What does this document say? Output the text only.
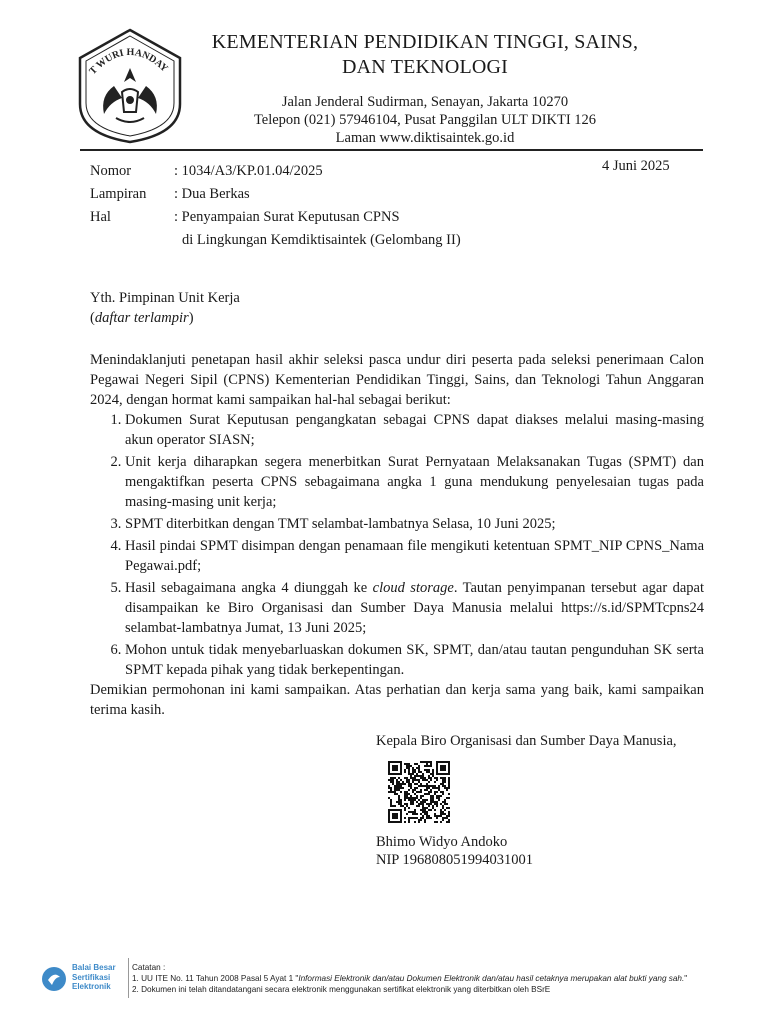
T WURI HANDAY
KEMENTERIAN PENDIDIKAN TINGGI, SAINS,
DAN TEKNOLOGI
Jalan Jenderal Sudirman, Senayan, Jakarta 10270
Telepon (021) 57946104, Pusat Panggilan ULT DIKTI 126
Laman www.diktisaintek.go.id
Nomor	: 1034/A3/KP.01.04/2025
Lampiran	: Dua Berkas
Hal	: Penyampaian Surat Keputusan CPNS
di Lingkungan Kemdiktisaintek (Gelombang II)
4 Juni 2025
Yth. Pimpinan Unit Kerja
(daftar terlampir)

Menindaklanjuti penetapan hasil akhir seleksi pasca undur diri peserta pada seleksi penerimaan Calon Pegawai Negeri Sipil (CPNS) Kementerian Pendidikan Tinggi, Sains, dan Teknologi Tahun Anggaran 2024, dengan hormat kami sampaikan hal-hal sebagai berikut:

1. Dokumen Surat Keputusan pengangkatan sebagai CPNS dapat diakses melalui masing-masing akun operator SIASN;
2. Unit kerja diharapkan segera menerbitkan Surat Pernyataan Melaksanakan Tugas (SPMT) dan mengaktifkan peserta CPNS sebagaimana angka 1 guna mendukung penyelesaian tugas pada masing-masing unit kerja;
3. SPMT diterbitkan dengan TMT selambat-lambatnya Selasa, 10 Juni 2025;
4. Hasil pindai SPMT disimpan dengan penamaan file mengikuti ketentuan SPMT_NIP CPNS_Nama Pegawai.pdf;
5. Hasil sebagaimana angka 4 diunggah ke cloud storage. Tautan penyimpanan tersebut agar dapat disampaikan ke Biro Organisasi dan Sumber Daya Manusia melalui https://s.id/SPMTcpns24 selambat-lambatnya Jumat, 13 Juni 2025;
6. Mohon untuk tidak menyebarluaskan dokumen SK, SPMT, dan/atau tautan pengunduhan SK serta SPMT kepada pihak yang tidak berkepentingan.
Demikian permohonan ini kami sampaikan. Atas perhatian dan kerja sama yang baik, kami sampaikan terima kasih.
Kepala Biro Organisasi dan Sumber Daya Manusia,
Bhimo Widyo Andoko
NIP 196808051994031001
Balai Besar
Sertifikasi
Elektronik
Catatan :
1. UU ITE No. 11 Tahun 2008 Pasal 5 Ayat 1 "Informasi Elektronik dan/atau Dokumen Elektronik dan/atau hasil cetaknya merupakan alat bukti yang sah."
2. Dokumen ini telah ditandatangani secara elektronik menggunakan sertifikat elektronik yang diterbitkan oleh BSrE
